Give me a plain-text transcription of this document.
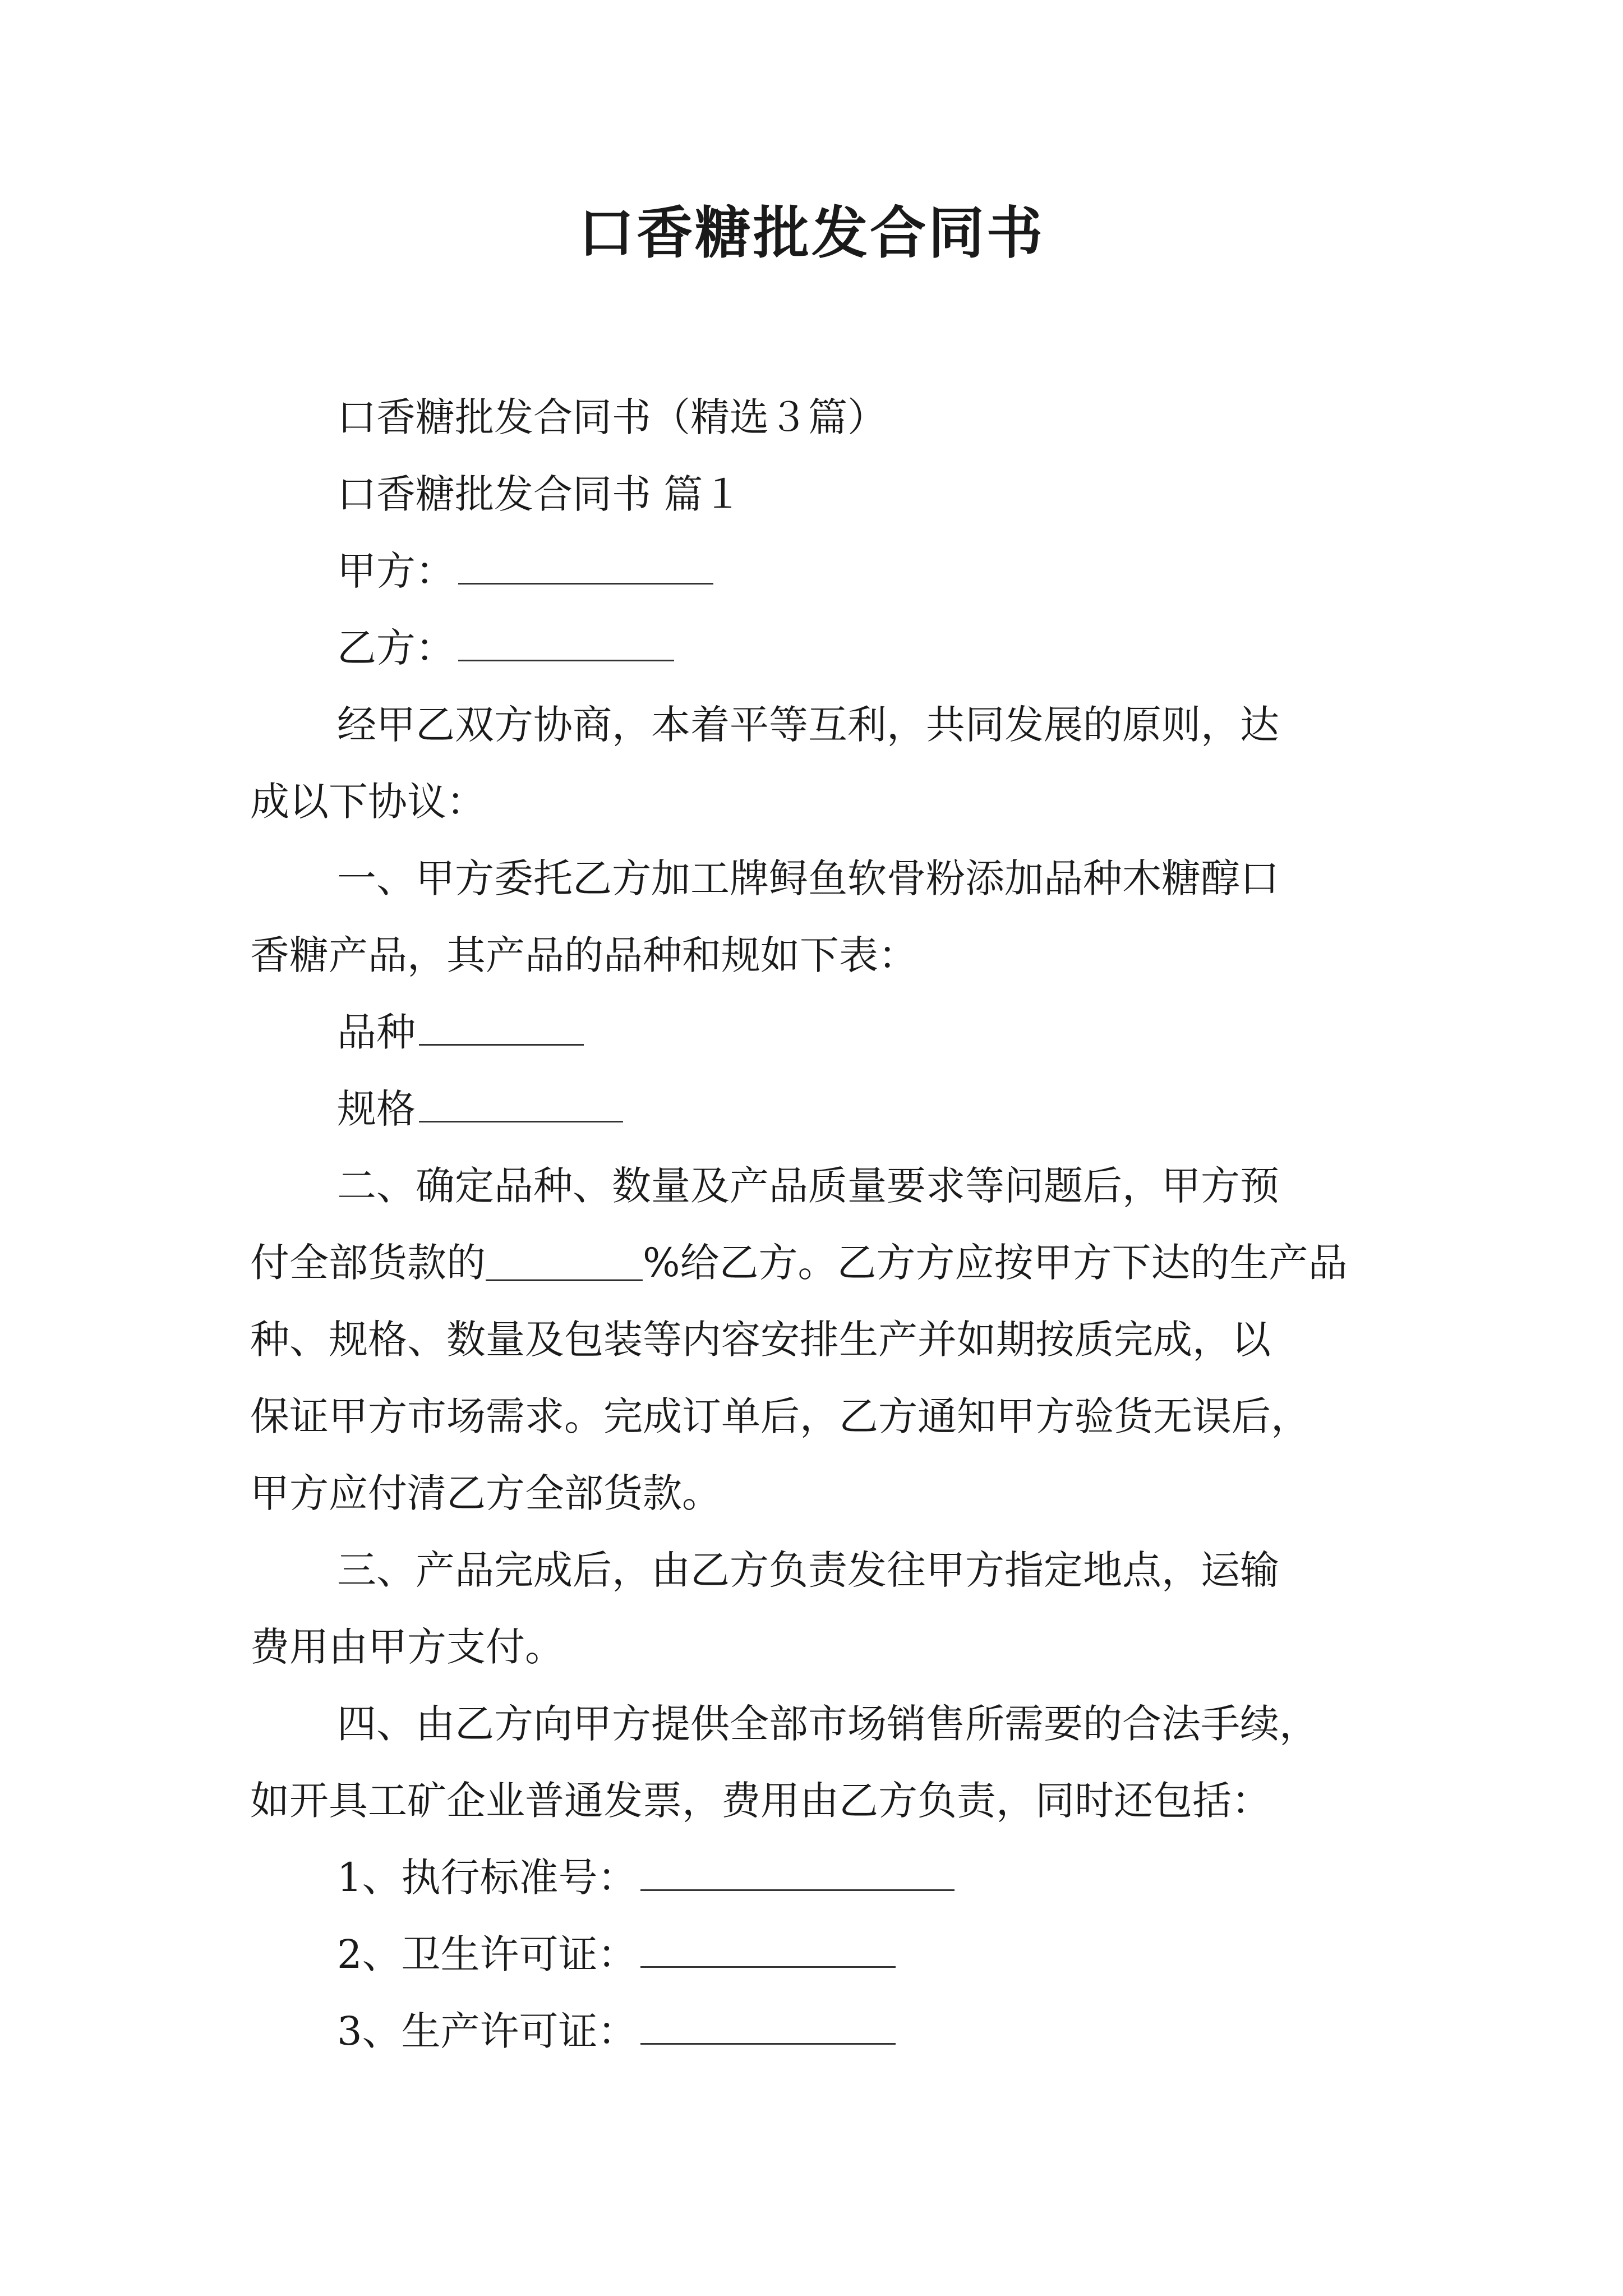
口香糖批发合同书
口香糖批发合同书（精选３篇）
口香糖批发合同书 篇１
甲方：
乙方：
经甲乙双方协商，本着平等互利，共同发展的原则，达
成以下协议：
一、甲方委托乙方加工牌鲟鱼软骨粉添加品种木糖醇口
香糖产品，其产品的品种和规如下表：
品种
规格
二、确定品种、数量及产品质量要求等问题后，甲方预
付全部货款的＿＿＿＿%给乙方。乙方方应按甲方下达的生产品
种、规格、数量及包装等内容安排生产并如期按质完成，以
保证甲方市场需求。完成订单后，乙方通知甲方验货无误后，
甲方应付清乙方全部货款。
三、产品完成后，由乙方负责发往甲方指定地点，运输
费用由甲方支付。
四、由乙方向甲方提供全部市场销售所需要的合法手续，
如开具工矿企业普通发票，费用由乙方负责，同时还包括：
1、执行标准号：
2、卫生许可证：
3、生产许可证：
